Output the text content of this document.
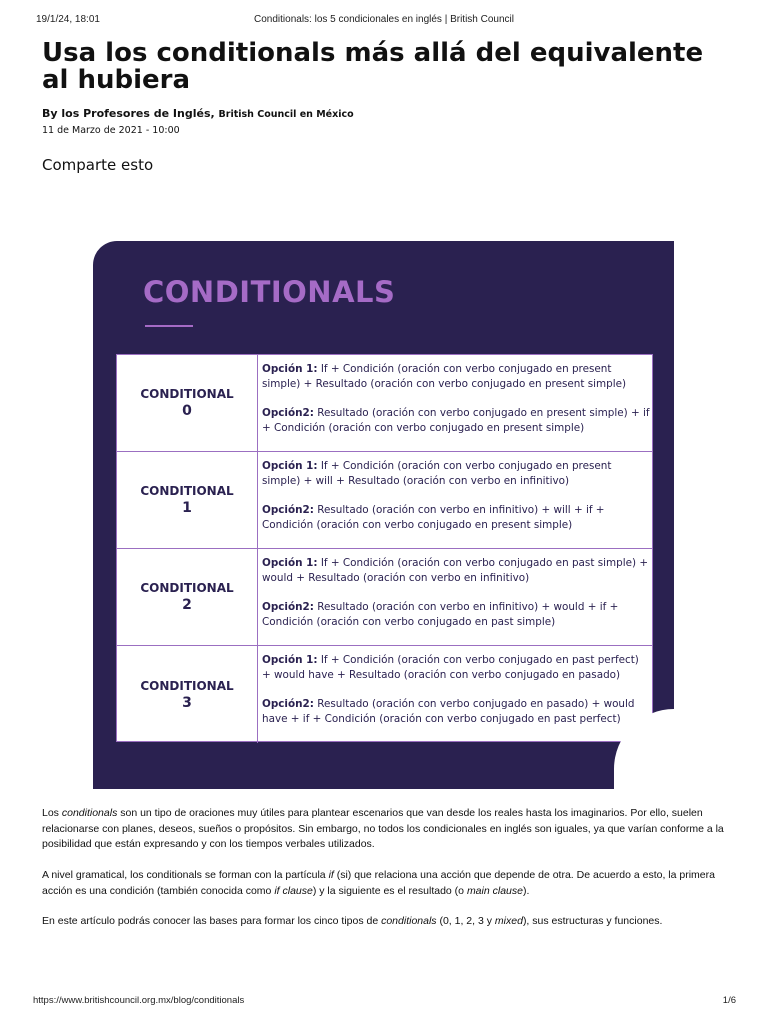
19/1/24, 18:01	Conditionals: los 5 condicionales en inglés | British Council
Usa los conditionals más allá del equivalente al hubiera
By los Profesores de Inglés, British Council en México
11 de Marzo de 2021 - 10:00
Comparte esto
CONDITIONALS
CONDITIONAL
0

Opción 1: If + Condición (oración con verbo conjugado en present simple) + Resultado (oración con verbo conjugado en present simple)

Opción2: Resultado (oración con verbo conjugado en present simple) + if + Condición (oración con verbo conjugado en present simple)

CONDITIONAL
1

Opción 1: If + Condición (oración con verbo conjugado en present simple) + will + Resultado (oración con verbo en infinitivo)

Opción2: Resultado (oración con verbo en infinitivo) + will + if + Condición (oración con verbo conjugado en present simple)

CONDITIONAL
2

Opción 1: If + Condición (oración con verbo conjugado en past simple) + would + Resultado (oración con verbo en infinitivo)

Opción2: Resultado (oración con verbo en infinitivo) + would + if + Condición (oración con verbo conjugado en past simple)

CONDITIONAL
3

Opción 1: If + Condición (oración con verbo conjugado en past perfect) + would have + Resultado (oración con verbo conjugado en pasado)

Opción2: Resultado (oración con verbo conjugado en pasado) + would have + if + Condición (oración con verbo conjugado en past perfect)

Los conditionals son un tipo de oraciones muy útiles para plantear escenarios que van desde los reales hasta los imaginarios. Por ello, suelen relacionarse con planes, deseos, sueños o propósitos. Sin embargo, no todos los condicionales en inglés son iguales, ya que varían conforme a la posibilidad que están expresando y con los tiempos verbales utilizados.

A nivel gramatical, los conditionals se forman con la partícula if (si) que relaciona una acción que depende de otra. De acuerdo a esto, la primera acción es una condición (también conocida como if clause) y la siguiente es el resultado (o main clause).

En este artículo podrás conocer las bases para formar los cinco tipos de conditionals (0, 1, 2, 3 y mixed), sus estructuras y funciones.

https://www.britishcouncil.org.mx/blog/conditionals	1/6
